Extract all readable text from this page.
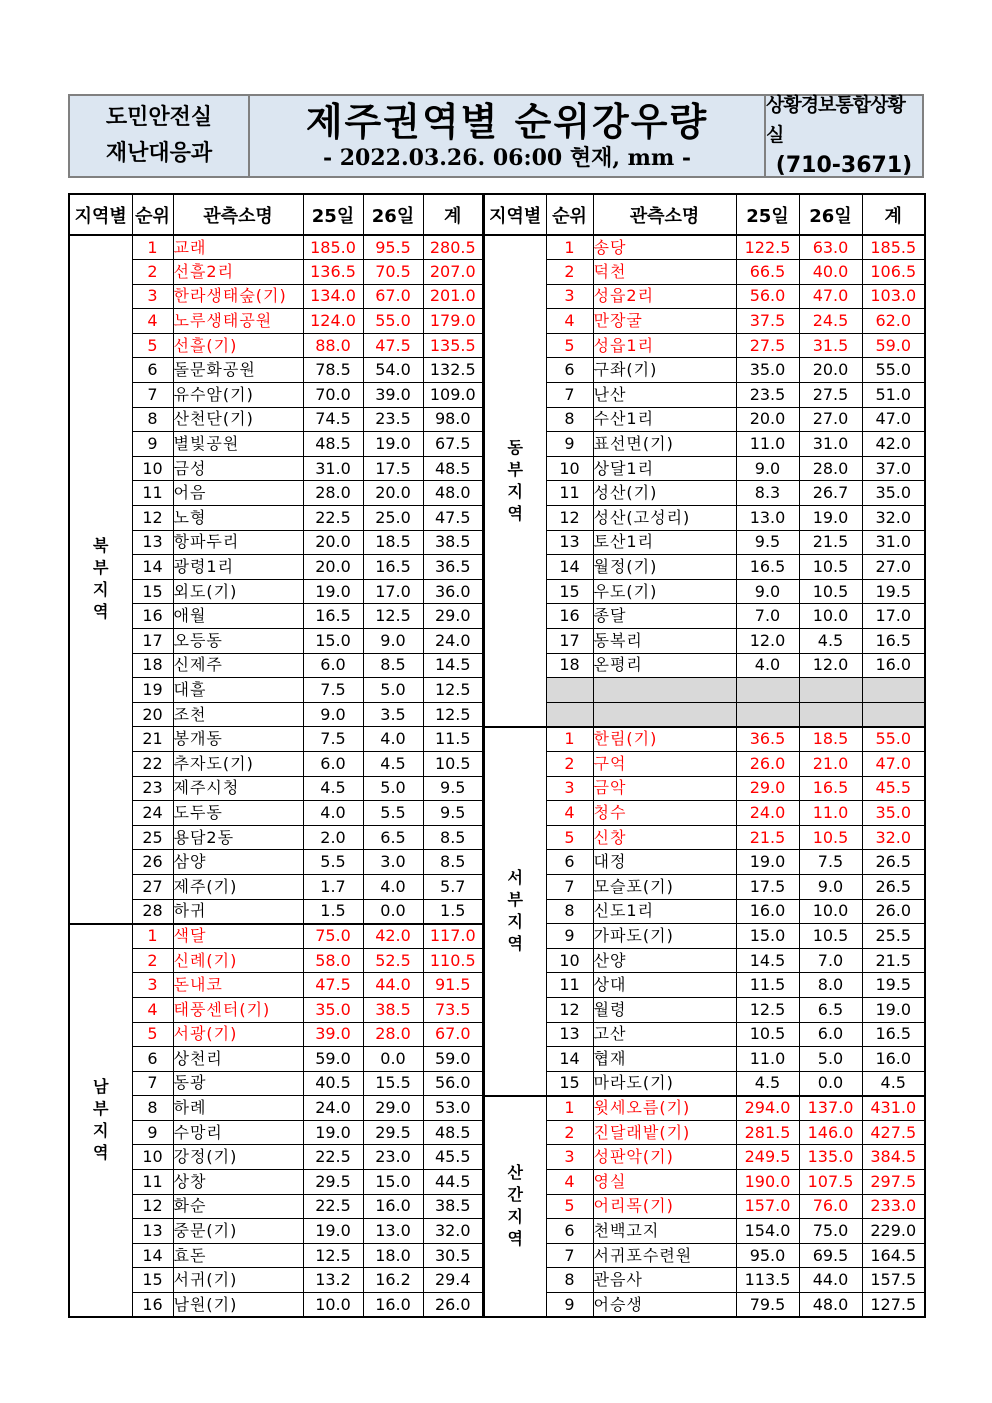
도민안전실
재난대응과
제주권역별 순위강우량
- 2022.03.26. 06:00 현재, mm -
상황경보통합상황실
(710-3671)
지역별	순위	관측소명	25일	26일	계
북
부
지
역	1	교래	185.0	95.5	280.5
	2	선흘2리	136.5	70.5	207.0
	3	한라생태숲(기)	134.0	67.0	201.0
	4	노루생태공원	124.0	55.0	179.0
	5	선흘(기)	88.0	47.5	135.5
	6	돌문화공원	78.5	54.0	132.5
	7	유수암(기)	70.0	39.0	109.0
	8	산천단(기)	74.5	23.5	98.0
	9	별빛공원	48.5	19.0	67.5
	10	금성	31.0	17.5	48.5
	11	어음	28.0	20.0	48.0
	12	노형	22.5	25.0	47.5
	13	항파두리	20.0	18.5	38.5
	14	광령1리	20.0	16.5	36.5
	15	외도(기)	19.0	17.0	36.0
	16	애월	16.5	12.5	29.0
	17	오등동	15.0	9.0	24.0
	18	신제주	6.0	8.5	14.5
	19	대흘	7.5	5.0	12.5
	20	조천	9.0	3.5	12.5
	21	봉개동	7.5	4.0	11.5
	22	추자도(기)	6.0	4.5	10.5
	23	제주시청	4.5	5.0	9.5
	24	도두동	4.0	5.5	9.5
	25	용담2동	2.0	6.5	8.5
	26	삼양	5.5	3.0	8.5
	27	제주(기)	1.7	4.0	5.7
	28	하귀	1.5	0.0	1.5
남
부
지
역	1	색달	75.0	42.0	117.0
	2	신례(기)	58.0	52.5	110.5
	3	돈내코	47.5	44.0	91.5
	4	태풍센터(기)	35.0	38.5	73.5
	5	서광(기)	39.0	28.0	67.0
	6	상천리	59.0	0.0	59.0
	7	동광	40.5	15.5	56.0
	8	하례	24.0	29.0	53.0
	9	수망리	19.0	29.5	48.5
	10	강정(기)	22.5	23.0	45.5
	11	상창	29.5	15.0	44.5
	12	화순	22.5	16.0	38.5
	13	중문(기)	19.0	13.0	32.0
	14	효돈	12.5	18.0	30.5
	15	서귀(기)	13.2	16.2	29.4
	16	남원(기)	10.0	16.0	26.0
지역별	순위	관측소명	25일	26일	계
동
부
지
역	1	송당	122.5	63.0	185.5
	2	덕천	66.5	40.0	106.5
	3	성읍2리	56.0	47.0	103.0
	4	만장굴	37.5	24.5	62.0
	5	성읍1리	27.5	31.5	59.0
	6	구좌(기)	35.0	20.0	55.0
	7	난산	23.5	27.5	51.0
	8	수산1리	20.0	27.0	47.0
	9	표선면(기)	11.0	31.0	42.0
	10	상달1리	9.0	28.0	37.0
	11	성산(기)	8.3	26.7	35.0
	12	성산(고성리)	13.0	19.0	32.0
	13	토산1리	9.5	21.5	31.0
	14	월정(기)	16.5	10.5	27.0
	15	우도(기)	9.0	10.5	19.5
	16	종달	7.0	10.0	17.0
	17	동복리	12.0	4.5	16.5
	18	온평리	4.0	12.0	16.0

서
부
지
역	1	한림(기)	36.5	18.5	55.0
	2	구억	26.0	21.0	47.0
	3	금악	29.0	16.5	45.5
	4	청수	24.0	11.0	35.0
	5	신창	21.5	10.5	32.0
	6	대정	19.0	7.5	26.5
	7	모슬포(기)	17.5	9.0	26.5
	8	신도1리	16.0	10.0	26.0
	9	가파도(기)	15.0	10.5	25.5
	10	산양	14.5	7.0	21.5
	11	상대	11.5	8.0	19.5
	12	월령	12.5	6.5	19.0
	13	고산	10.5	6.0	16.5
	14	협재	11.0	5.0	16.0
	15	마라도(기)	4.5	0.0	4.5
산
간
지
역	1	윗세오름(기)	294.0	137.0	431.0
	2	진달래밭(기)	281.5	146.0	427.5
	3	성판악(기)	249.5	135.0	384.5
	4	영실	190.0	107.5	297.5
	5	어리목(기)	157.0	76.0	233.0
	6	천백고지	154.0	75.0	229.0
	7	서귀포수련원	95.0	69.5	164.5
	8	관음사	113.5	44.0	157.5
	9	어승생	79.5	48.0	127.5
